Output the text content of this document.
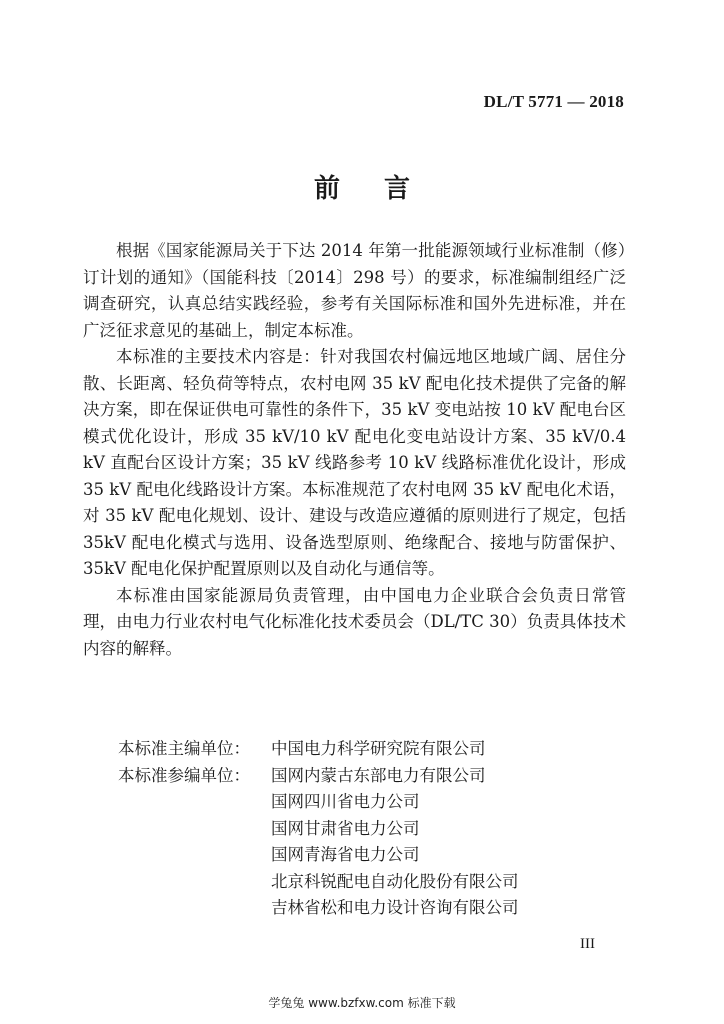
DL/T 5771 — 2018
前言

根据《国家能源局关于下达 2014 年第一批能源领域行业标准制（修）订计划的通知》（国能科技〔2014〕298 号）的要求，标准编制组经广泛调查研究，认真总结实践经验，参考有关国际标准和国外先进标准，并在广泛征求意见的基础上，制定本标准。

本标准的主要技术内容是：针对我国农村偏远地区地域广阔、居住分散、长距离、轻负荷等特点，农村电网 35 kV 配电化技术提供了完备的解决方案，即在保证供电可靠性的条件下，35 kV 变电站按 10 kV 配电台区模式优化设计，形成 35 kV/10 kV 配电化变电站设计方案、35 kV/0.4 kV 直配台区设计方案；35 kV 线路参考 10 kV 线路标准优化设计，形成 35 kV 配电化线路设计方案。本标准规范了农村电网 35 kV 配电化术语，对 35 kV 配电化规划、设计、建设与改造应遵循的原则进行了规定，包括 35kV 配电化模式与选用、设备选型原则、绝缘配合、接地与防雷保护、35kV 配电化保护配置原则以及自动化与通信等。

本标准由国家能源局负责管理，由中国电力企业联合会负责日常管理，由电力行业农村电气化标准化技术委员会（DL/TC 30）负责具体技术内容的解释。

本标准主编单位：	中国电力科学研究院有限公司
本标准参编单位：	国网内蒙古东部电力有限公司
国网四川省电力公司
国网甘肃省电力公司
国网青海省电力公司
北京科锐配电自动化股份有限公司
吉林省松和电力设计咨询有限公司
III
学兔兔 www.bzfxw.com 标准下载
